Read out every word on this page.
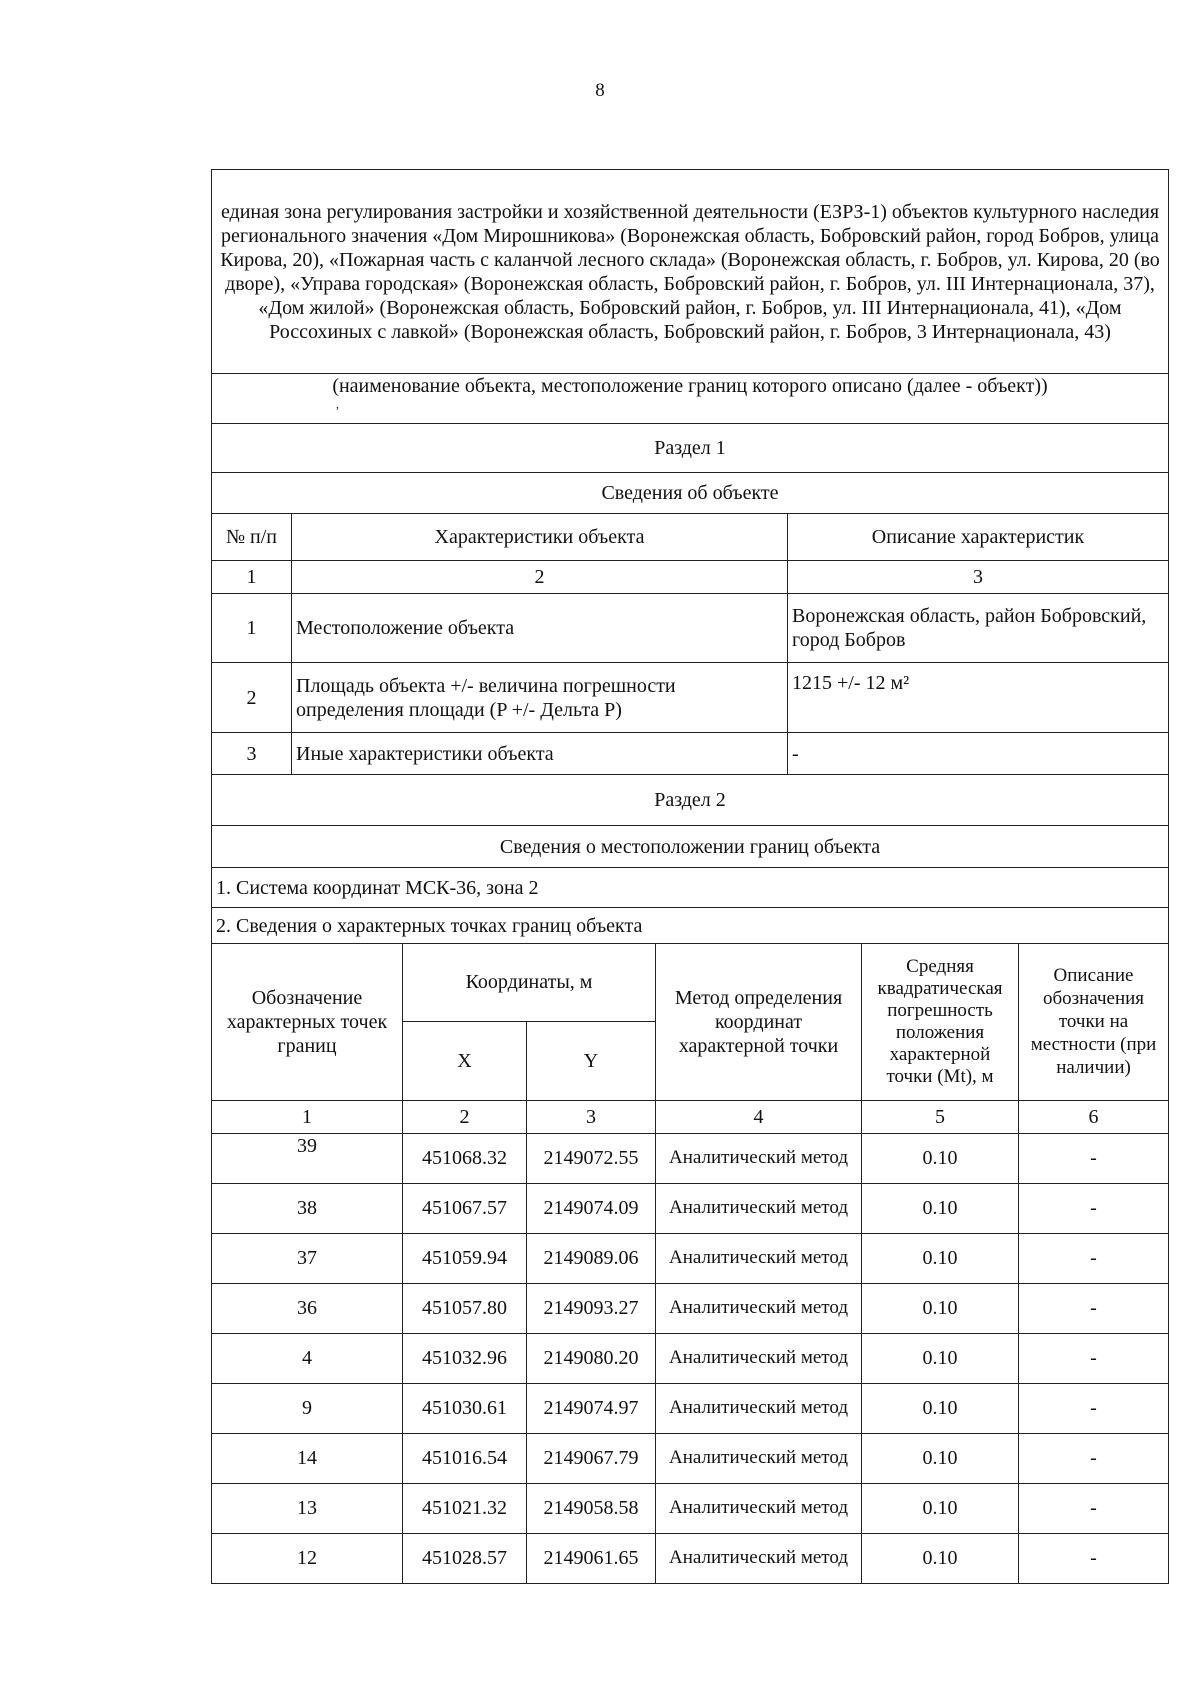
8
единая зона регулирования застройки и хозяйственной деятельности (ЕЗРЗ-1) объектов культурного наследия регионального значения «Дом Мирошникова» (Воронежская область, Бобровский район, город Бобров, улица Кирова, 20), «Пожарная часть с каланчой лесного склада» (Воронежская область, г. Бобров, ул. Кирова, 20 (во дворе), «Управа городская» (Воронежская область, Бобровский район, г. Бобров, ул. III Интернационала, 37), «Дом жилой» (Воронежская область, Бобровский район, г. Бобров, ул. III Интернационала, 41), «Дом Россохиных с лавкой» (Воронежская область, Бобровский район, г. Бобров, 3 Интернационала, 43)		
(наименование объекта, местоположение границ которого описано (далее - объект))
,		

Раздел 1		
Сведения об объекте		
№ п/п	Характеристики объекта	Описание характеристик
1	2	3
1	Местоположение объекта	Воронежская область, район Бобровский, город Бобров
2	Площадь объекта +/- величина погрешности определения площади (P +/- Дельта P)	1215 +/- 12 м²
3	Иные характеристики объекта	-
Раздел 2		
Сведения о местоположении границ объекта		
1. Система координат МСК-36, зона 2		
2. Сведения о характерных точках границ объекта		
Обозначение характерных точек границ	Координаты, м		Метод определения координат характерной точки	Средняя квадратическая погрешность положения характерной точки (Mt), м	Описание обозначения точки на местности (при наличии)
	X	Y			
1	2	3	4	5	6
39	451068.32	2149072.55	Аналитический метод	0.10	-
38	451067.57	2149074.09	Аналитический метод	0.10	-
37	451059.94	2149089.06	Аналитический метод	0.10	-
36	451057.80	2149093.27	Аналитический метод	0.10	-
4	451032.96	2149080.20	Аналитический метод	0.10	-
9	451030.61	2149074.97	Аналитический метод	0.10	-
14	451016.54	2149067.79	Аналитический метод	0.10	-
13	451021.32	2149058.58	Аналитический метод	0.10	-
12	451028.57	2149061.65	Аналитический метод	0.10	-
